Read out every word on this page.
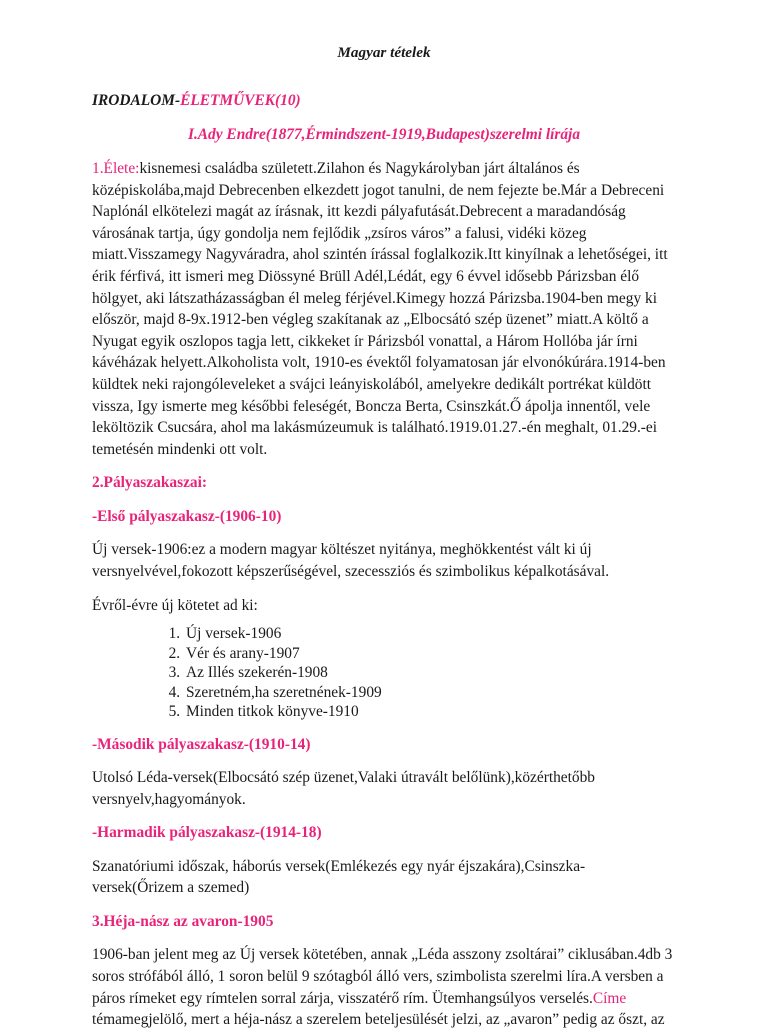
Magyar tételek
IRODALOM-ÉLETMŰVEK(10)
I.Ady Endre(1877,Érmindszent-1919,Budapest)szerelmi lírája

1.Élete:kisnemesi családba született.Zilahon és Nagykárolyban járt általános és középiskolába,majd Debrecenben elkezdett jogot tanulni, de nem fejezte be.Már a Debreceni Naplónál elkötelezi magát az írásnak, itt kezdi pályafutását.Debrecent a maradandóság városának tartja, úgy gondolja nem fejlődik „zsíros város” a falusi, vidéki közeg miatt.Visszamegy Nagyváradra, ahol szintén írással foglalkozik.Itt kinyílnak a lehetőségei, itt érik férfivá, itt ismeri meg Diössyné Brüll Adél,Lédát, egy 6 évvel idősebb Párizsban élő hölgyet, aki látszatházasságban él meleg férjével.Kimegy hozzá Párizsba.1904-ben megy ki először, majd 8-9x.1912-ben végleg szakítanak az „Elbocsátó szép üzenet” miatt.A költő a Nyugat egyik oszlopos tagja lett, cikkeket ír Párizsból vonattal, a Három Hollóba jár írni kávéházak helyett.Alkoholista volt, 1910-es évektől folyamatosan jár elvonókúrára.1914-ben küldtek neki rajongóleveleket a svájci leányiskolából, amelyekre dedikált portrékat küldött vissza, Igy ismerte meg későbbi feleségét, Boncza Berta, Csinszkát.Ő ápolja innentől, vele leköltözik Csucsára, ahol ma lakásmúzeumuk is található.1919.01.27.-én meghalt, 01.29.-ei temetésén mindenki ott volt.

2.Pályaszakaszai:

-Első pályaszakasz-(1906-10)

Új versek-1906:ez a modern magyar költészet nyitánya, meghökkentést vált ki új versnyelvével,fokozott képszerűségével, szecessziós és szimbolikus képalkotásával.

Évről-évre új kötetet ad ki:

1. Új versek-1906
2. Vér és arany-1907
3. Az Illés szekerén-1908
4. Szeretném,ha szeretnének-1909
5. Minden titkok könyve-1910

-Második pályaszakasz-(1910-14)

Utolsó Léda-versek(Elbocsátó szép üzenet,Valaki útravált belőlünk),közérthetőbb versnyelv,hagyományok.

-Harmadik pályaszakasz-(1914-18)

Szanatóriumi időszak, háborús versek(Emlékezés egy nyár éjszakára),Csinszka-versek(Őrizem a szemed)

3.Héja-nász az avaron-1905

1906-ban jelent meg az Új versek kötetében, annak „Léda asszony zsoltárai” ciklusában.4db 3 soros strófából álló, 1 soron belül 9 szótagból álló vers, szimbolista szerelmi líra.A versben a páros rímeket egy rímtelen sorral zárja, visszatérő rím. Ütemhangsúlyos verselés.Címe témamegjelölő, mert a héja-nász a szerelem beteljesülését jelzi, az „avaron” pedig az őszt, az
